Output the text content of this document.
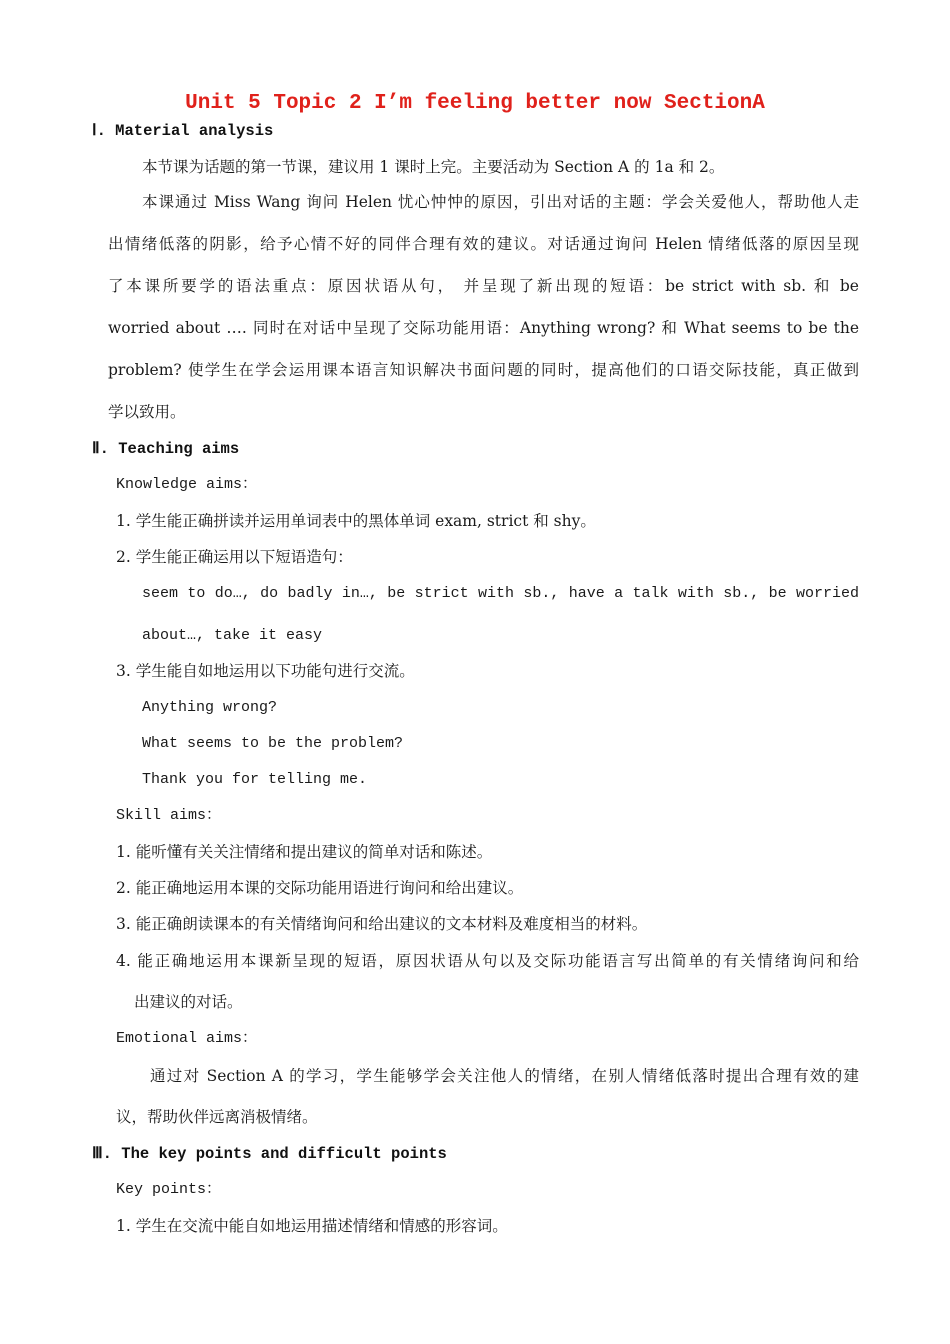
Unit 5 Topic 2 I’m feeling better now SectionA
Ⅰ. Material analysis
本节课为话题的第一节课，建议用 1 课时上完。主要活动为 Section A 的 1a 和 2。
本课通过 Miss Wang 询问 Helen 忧心忡忡的原因，引出对话的主题：学会关爱他人，帮助他人走
出情绪低落的阴影，给予心情不好的同伴合理有效的建议。对话通过询问 Helen 情绪低落的原因呈现
了本课所要学的语法重点：原因状语从句， 并呈现了新出现的短语：be strict with sb. 和 be
worried about …. 同时在对话中呈现了交际功能用语：Anything wrong? 和 What seems to be the
problem? 使学生在学会运用课本语言知识解决书面问题的同时，提高他们的口语交际技能，真正做到
学以致用。
Ⅱ. Teaching aims
Knowledge aims：
1. 学生能正确拼读并运用单词表中的黑体单词 exam, strict 和 shy。
2. 学生能正确运用以下短语造句：
seem to do…, do badly in…, be strict with sb., have a talk with sb., be worried
about…, take it easy
3. 学生能自如地运用以下功能句进行交流。
Anything wrong?
What seems to be the problem?
Thank you for telling me.
Skill aims：
1. 能听懂有关关注情绪和提出建议的简单对话和陈述。
2. 能正确地运用本课的交际功能用语进行询问和给出建议。
3. 能正确朗读课本的有关情绪询问和给出建议的文本材料及难度相当的材料。
4. 能正确地运用本课新呈现的短语，原因状语从句以及交际功能语言写出简单的有关情绪询问和给
出建议的对话。
Emotional aims：
通过对 Section A 的学习，学生能够学会关注他人的情绪，在别人情绪低落时提出合理有效的建
议，帮助伙伴远离消极情绪。
Ⅲ. The key points and difficult points
Key points：
1. 学生在交流中能自如地运用描述情绪和情感的形容词。
